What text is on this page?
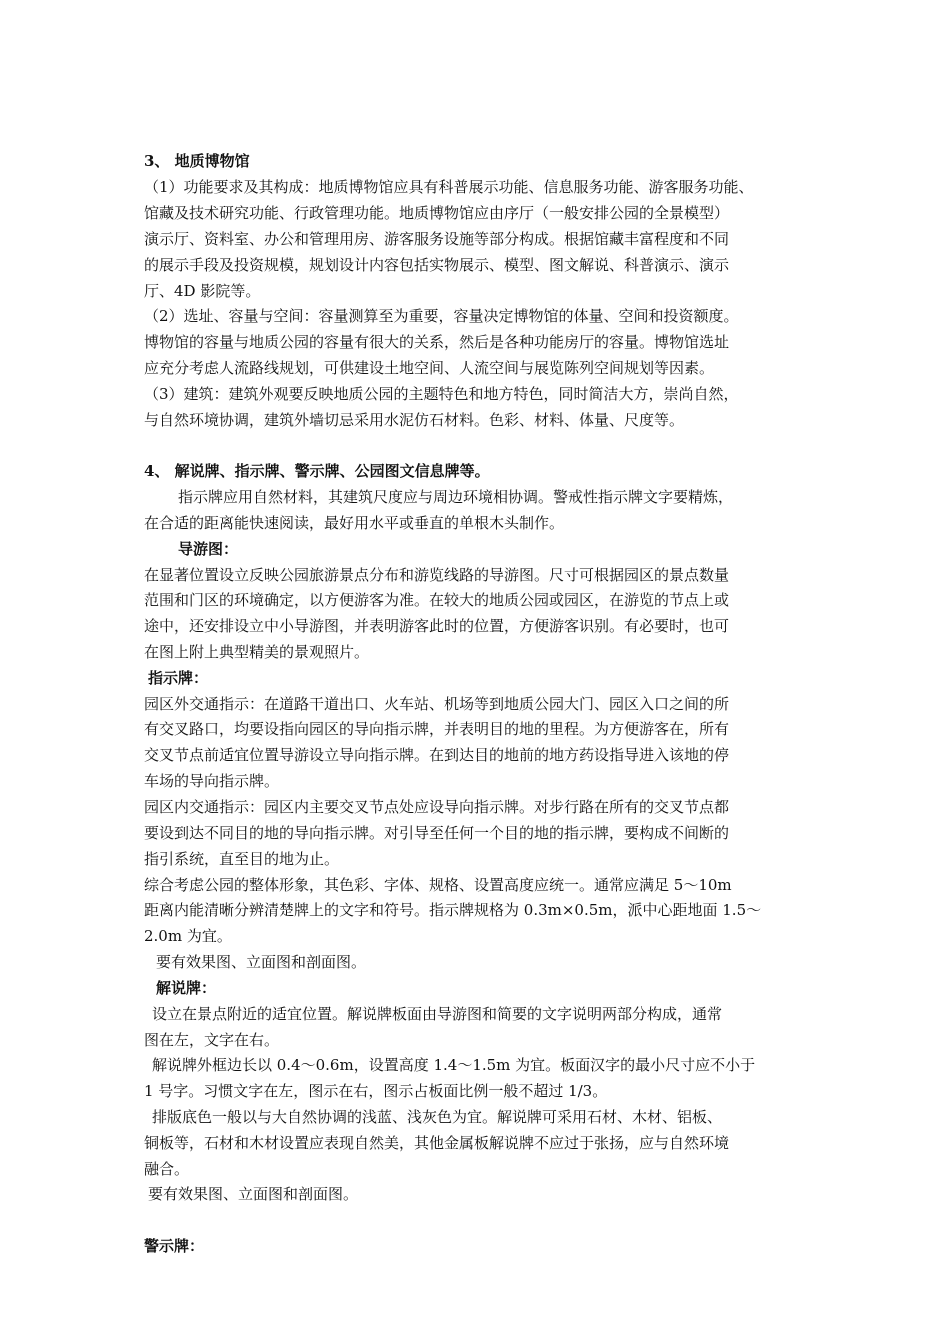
3、 地质博物馆
（1）功能要求及其构成：地质博物馆应具有科普展示功能、信息服务功能、游客服务功能、
馆藏及技术研究功能、行政管理功能。地质博物馆应由序厅（一般安排公园的全景模型）
演示厅、资料室、办公和管理用房、游客服务设施等部分构成。根据馆藏丰富程度和不同
的展示手段及投资规模，规划设计内容包括实物展示、模型、图文解说、科普演示、演示
厅、4D 影院等。
（2）选址、容量与空间：容量测算至为重要，容量决定博物馆的体量、空间和投资额度。
博物馆的容量与地质公园的容量有很大的关系，然后是各种功能房厅的容量。博物馆选址
应充分考虑人流路线规划，可供建设土地空间、人流空间与展览陈列空间规划等因素。
（3）建筑：建筑外观要反映地质公园的主题特色和地方特色，同时简洁大方，崇尚自然，
与自然环境协调，建筑外墙切忌采用水泥仿石材料。色彩、材料、体量、尺度等。
4、 解说牌、指示牌、警示牌、公园图文信息牌等。
指示牌应用自然材料，其建筑尺度应与周边环境相协调。警戒性指示牌文字要精炼，
在合适的距离能快速阅读，最好用水平或垂直的单根木头制作。
导游图：
在显著位置设立反映公园旅游景点分布和游览线路的导游图。尺寸可根据园区的景点数量
范围和门区的环境确定，以方便游客为准。在较大的地质公园或园区，在游览的节点上或
途中，还安排设立中小导游图，并表明游客此时的位置，方便游客识别。有必要时，也可
在图上附上典型精美的景观照片。
指示牌：
园区外交通指示：在道路干道出口、火车站、机场等到地质公园大门、园区入口之间的所
有交叉路口，均要设指向园区的导向指示牌，并表明目的地的里程。为方便游客在，所有
交叉节点前适宜位置导游设立导向指示牌。在到达目的地前的地方药设指导进入该地的停
车场的导向指示牌。
园区内交通指示：园区内主要交叉节点处应设导向指示牌。对步行路在所有的交叉节点都
要设到达不同目的地的导向指示牌。对引导至任何一个目的地的指示牌，要构成不间断的
指引系统，直至目的地为止。
综合考虑公园的整体形象，其色彩、字体、规格、设置高度应统一。通常应满足 5～10m
距离内能清晰分辨清楚牌上的文字和符号。指示牌规格为 0.3m×0.5m，派中心距地面 1.5～
2.0m 为宜。
要有效果图、立面图和剖面图。
解说牌：
设立在景点附近的适宜位置。解说牌板面由导游图和简要的文字说明两部分构成，通常
图在左，文字在右。
解说牌外框边长以 0.4～0.6m，设置高度 1.4～1.5m 为宜。板面汉字的最小尺寸应不小于
1 号字。习惯文字在左，图示在右，图示占板面比例一般不超过 1/3。
排版底色一般以与大自然协调的浅蓝、浅灰色为宜。解说牌可采用石材、木材、铝板、
铜板等，石材和木材设置应表现自然美，其他金属板解说牌不应过于张扬，应与自然环境
融合。
要有效果图、立面图和剖面图。
警示牌：
